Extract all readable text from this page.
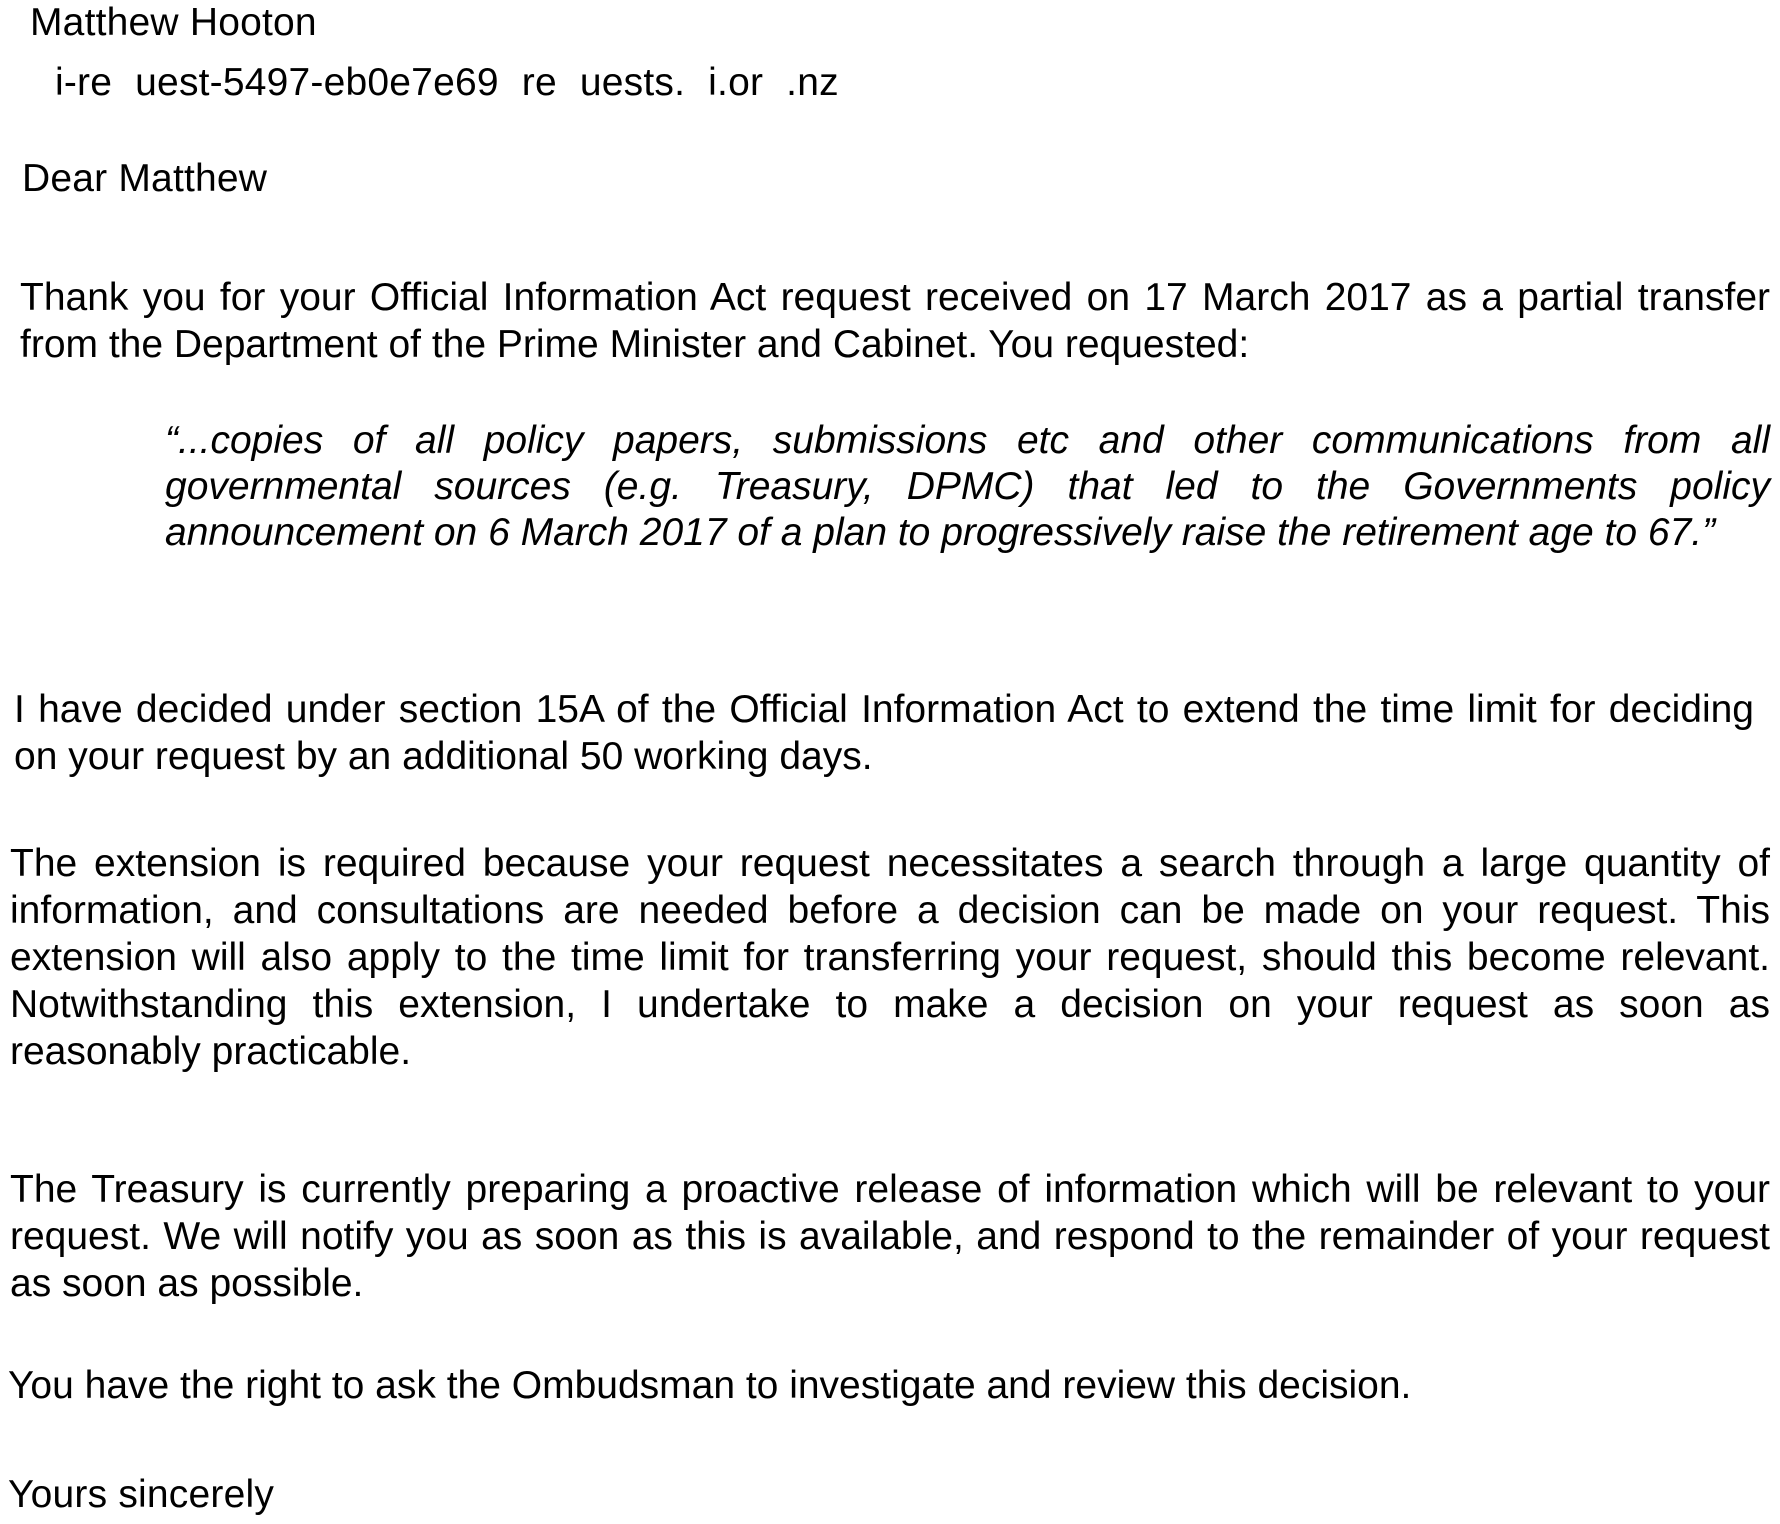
Matthew Hooton
i-re uest-5497-eb0e7e69 re uests. i.or .nz
Dear Matthew
Thank you for your Official Information Act request received on 17 March 2017 as a partial transfer from the Department of the Prime Minister and Cabinet. You requested:
“...copies of all policy papers, submissions etc and other communications from all governmental sources (e.g. Treasury, DPMC) that led to the Governments policy announcement on 6 March 2017 of a plan to progressively raise the retirement age to 67.”
I have decided under section 15A of the Official Information Act to extend the time limit for deciding on your request by an additional 50 working days.
The extension is required because your request necessitates a search through a large quantity of information, and consultations are needed before a decision can be made on your request. This extension will also apply to the time limit for transferring your request, should this become relevant. Notwithstanding this extension, I undertake to make a decision on your request as soon as reasonably practicable.
The Treasury is currently preparing a proactive release of information which will be relevant to your request. We will notify you as soon as this is available, and respond to the remainder of your request as soon as possible.
You have the right to ask the Ombudsman to investigate and review this decision.
Yours sincerely
